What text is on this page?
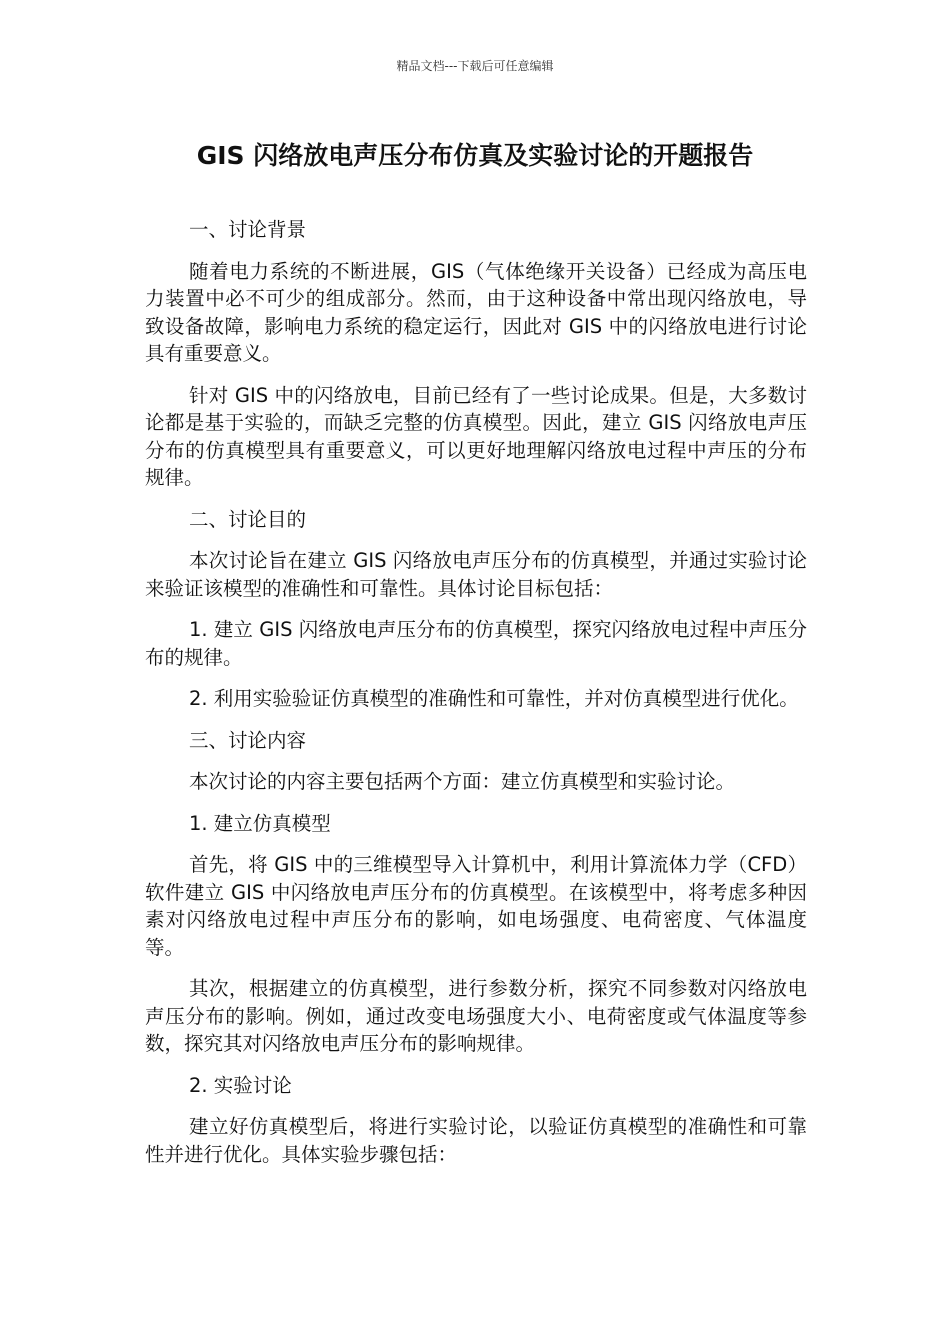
精品文档---下载后可任意编辑
GIS 闪络放电声压分布仿真及实验讨论的开题报告

一、讨论背景

随着电力系统的不断进展，GIS（气体绝缘开关设备）已经成为高压电力装置中必不可少的组成部分。然而，由于这种设备中常出现闪络放电，导致设备故障，影响电力系统的稳定运行，因此对 GIS 中的闪络放电进行讨论具有重要意义。

针对 GIS 中的闪络放电，目前已经有了一些讨论成果。但是，大多数讨论都是基于实验的，而缺乏完整的仿真模型。因此，建立 GIS 闪络放电声压分布的仿真模型具有重要意义，可以更好地理解闪络放电过程中声压的分布规律。

二、讨论目的

本次讨论旨在建立 GIS 闪络放电声压分布的仿真模型，并通过实验讨论来验证该模型的准确性和可靠性。具体讨论目标包括：

1. 建立 GIS 闪络放电声压分布的仿真模型，探究闪络放电过程中声压分布的规律。

2. 利用实验验证仿真模型的准确性和可靠性，并对仿真模型进行优化。

三、讨论内容

本次讨论的内容主要包括两个方面：建立仿真模型和实验讨论。

1. 建立仿真模型

首先，将 GIS 中的三维模型导入计算机中，利用计算流体力学（CFD）软件建立 GIS 中闪络放电声压分布的仿真模型。在该模型中，将考虑多种因素对闪络放电过程中声压分布的影响，如电场强度、电荷密度、气体温度等。

其次，根据建立的仿真模型，进行参数分析，探究不同参数对闪络放电声压分布的影响。例如，通过改变电场强度大小、电荷密度或气体温度等参数，探究其对闪络放电声压分布的影响规律。

2. 实验讨论

建立好仿真模型后，将进行实验讨论，以验证仿真模型的准确性和可靠性并进行优化。具体实验步骤包括：
